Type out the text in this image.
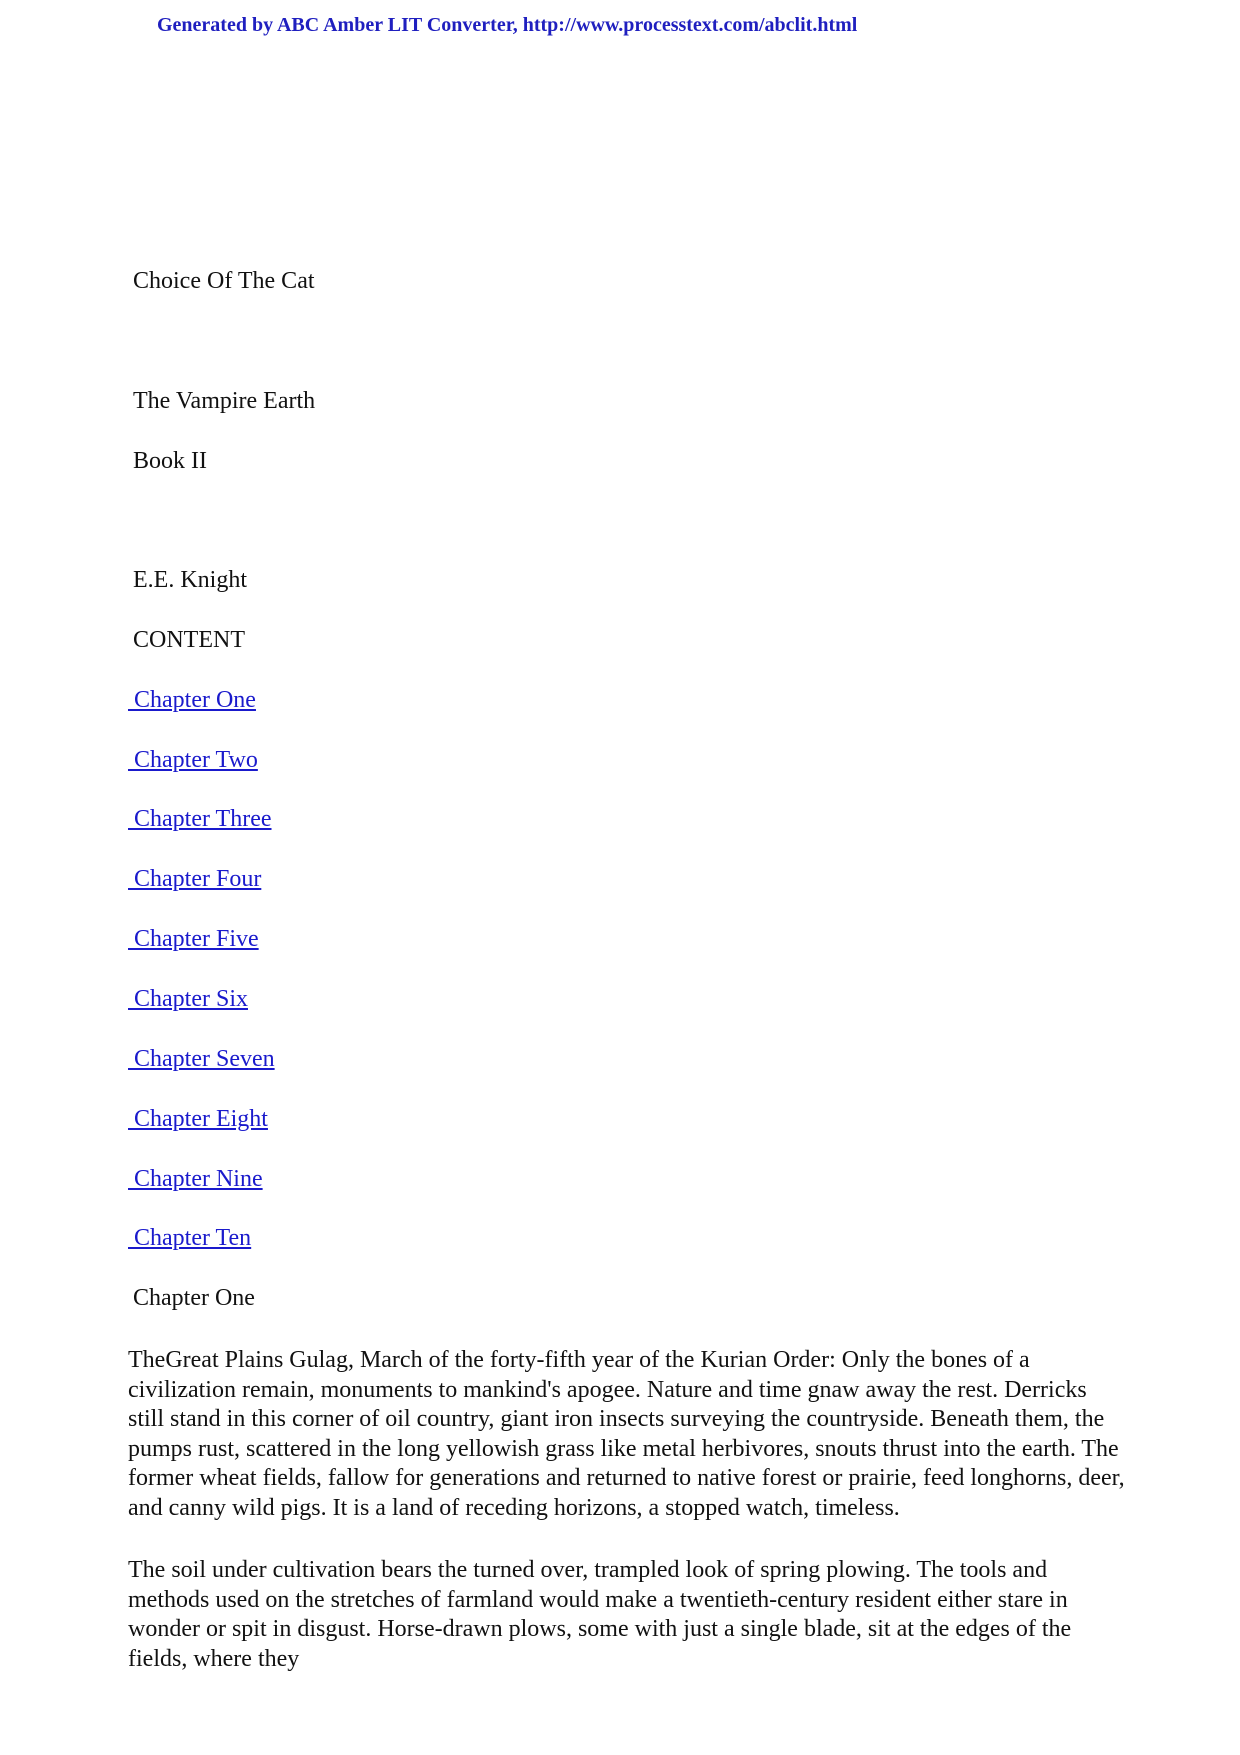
Generated by ABC Amber LIT Converter, http://www.processtext.com/abclit.html
Choice Of The Cat
The Vampire Earth
Book II
E.E. Knight
CONTENT
Chapter One
Chapter Two
Chapter Three
Chapter Four
Chapter Five
Chapter Six
Chapter Seven
Chapter Eight
Chapter Nine
Chapter Ten
Chapter One

TheGreat Plains Gulag, March of the forty-fifth year of the Kurian Order: Only the bones of a civilization remain, monuments to mankind's apogee. Nature and time gnaw away the rest. Derricks still stand in this corner of oil country, giant iron insects surveying the countryside. Beneath them, the pumps rust, scattered in the long yellowish grass like metal herbivores, snouts thrust into the earth. The former wheat fields, fallow for generations and returned to native forest or prairie, feed longhorns, deer, and canny wild pigs. It is a land of receding horizons, a stopped watch, timeless.

The soil under cultivation bears the turned over, trampled look of spring plowing. The tools and methods used on the stretches of farmland would make a twentieth-century resident either stare in wonder or spit in disgust. Horse-drawn plows, some with just a single blade, sit at the edges of the fields, where they
